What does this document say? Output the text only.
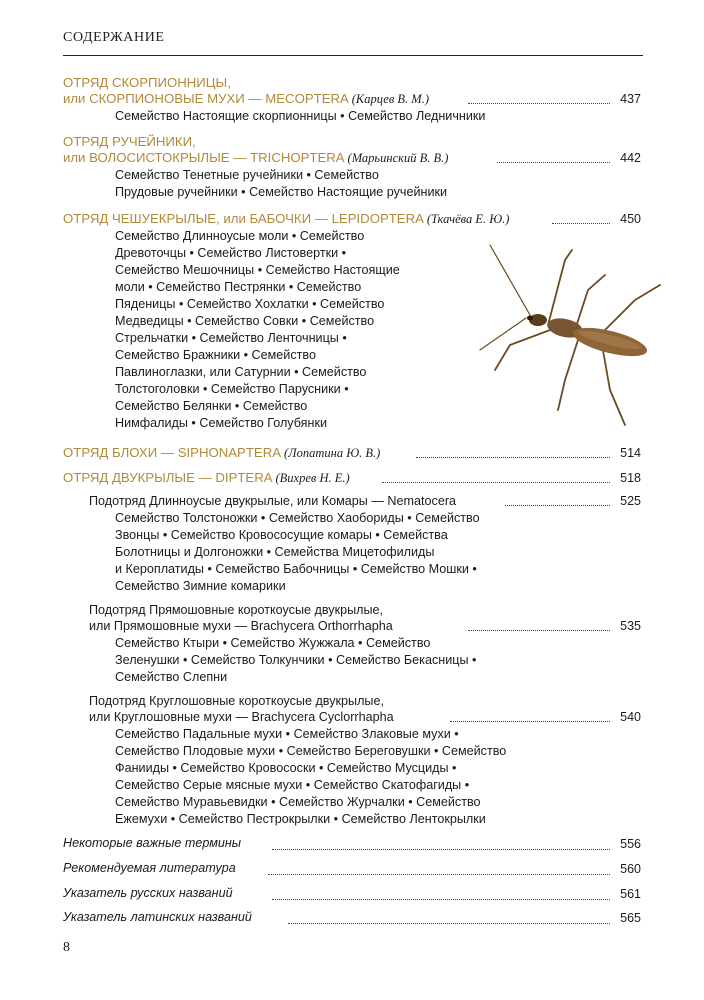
СОДЕРЖАНИЕ
ОТРЯД СКОРПИОННИЦЫ,
или СКОРПИОНОВЫЕ МУХИ — MECOPTERA (Карцев В. М.)	437
Семейство Настоящие скорпионницы • Семейство Ледничники
ОТРЯД РУЧЕЙНИКИ,
или ВОЛОСИСТОКРЫЛЫЕ — TRICHOPTERA (Марьинский В. В.)	442
Семейство Тенетные ручейники • Семейство
Прудовые ручейники • Семейство Настоящие ручейники
ОТРЯД ЧЕШУЕКРЫЛЫЕ, или БАБОЧКИ — LEPIDOPTERA (Ткачёва Е. Ю.)	450
Семейство Длинноусые моли • Семейство
Древоточцы • Семейство Листовертки •
Семейство Мешочницы • Семейство Настоящие
моли • Семейство Пестрянки • Семейство
Пяденицы • Семейство Хохлатки • Семейство
Медведицы • Семейство Совки • Семейство
Стрельчатки • Семейство Ленточницы •
Семейство Бражники • Семейство
Павлиноглазки, или Сатурнии • Семейство
Толстоголовки • Семейство Парусники •
Семейство Белянки • Семейство
Нимфалиды • Семейство Голубянки
ОТРЯД БЛОХИ — SIPHONAPTERA (Лопатина Ю. В.)	514
ОТРЯД ДВУКРЫЛЫЕ — DIPTERA (Вихрев Н. Е.)	518
Подотряд Длинноусые двукрылые, или Комары — Nematocera	525
Семейство Толстоножки • Семейство Хаобориды • Семейство
Звонцы • Семейство Кровососущие комары • Семейства
Болотницы и Долгоножки • Семейства Мицетофилиды
и Кероплатиды • Семейство Бабочницы • Семейство Мошки •
Семейство Зимние комарики
Подотряд Прямошовные короткоусые двукрылые,
или Прямошовные мухи — Brachycera Orthorrhapha	535
Семейство Ктыри • Семейство Жужжала • Семейство
Зеленушки • Семейство Толкунчики • Семейство Бекасницы •
Семейство Слепни
Подотряд Круглошовные короткоусые двукрылые,
или Круглошовные мухи — Brachycera Cyclorrhapha	540
Семейство Падальные мухи • Семейство Злаковые мухи •
Семейство Плодовые мухи • Семейство Береговушки • Семейство
Фанииды • Семейство Кровососки • Семейство Мусциды •
Семейство Серые мясные мухи • Семейство Скатофагиды •
Семейство Муравьевидки • Семейство Журчалки • Семейство
Ежемухи • Семейство Пестрокрылки • Семейство Лентокрылки
Некоторые важные термины	556
Рекомендуемая литература	560
Указатель русских названий	561
Указатель латинских названий	565
8
